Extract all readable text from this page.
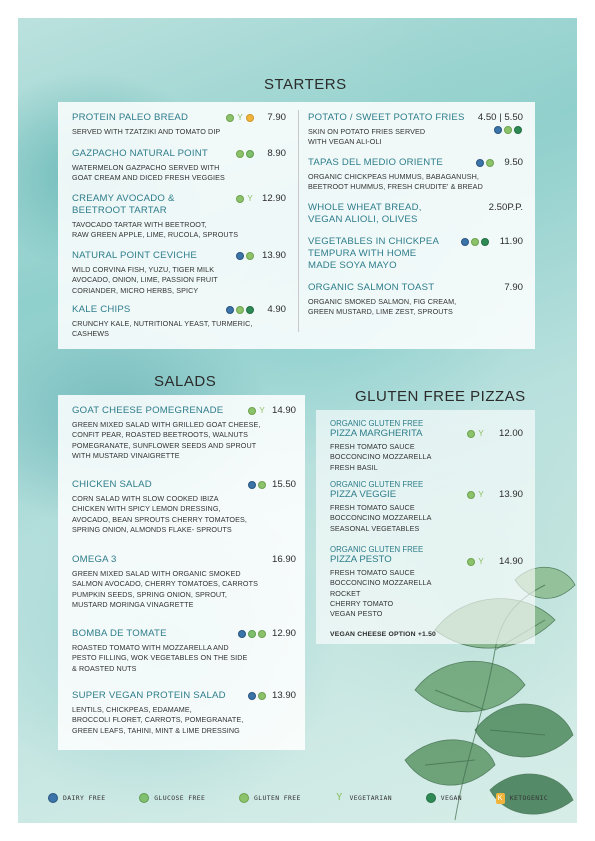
STARTERS
PROTEIN PALEO BREAD
SERVED WITH TZATZIKI AND TOMATO DIP
Y	7.90
GAZPACHO NATURAL POINT
WATERMELON GAZPACHO SERVED WITH
GOAT CREAM AND DICED FRESH VEGGIES
8.90
CREAMY AVOCADO &
BEETROOT TARTAR
TAVOCADO TARTAR WITH BEETROOT,
RAW GREEN APPLE, LIME, RUCOLA, SPROUTS
Y 12.90
NATURAL POINT CEVICHE
WILD CORVINA FISH, YUZU, TIGER MILK
AVOCADO, ONION, LIME, PASSION FRUIT
CORIANDER, MICRO HERBS, SPICY
13.90
KALE CHIPS
CRUNCHY KALE, NUTRITIONAL YEAST, TURMERIC,
CASHEWS
4.90
POTATO / SWEET POTATO FRIES
SKIN ON POTATO FRIES SERVED
WITH VEGAN ALI-OLI
4.50 | 5.50
TAPAS DEL MEDIO ORIENTE
ORGANIC CHICKPEAS HUMMUS, BABAGANUSH,
BEETROOT HUMMUS, FRESH CRUDITE' & BREAD
9.50
WHOLE WHEAT BREAD,
VEGAN ALIOLI, OLIVES
2.50P.P.
VEGETABLES IN CHICKPEA
TEMPURA WITH HOME
MADE SOYA MAYO
11.90
ORGANIC SALMON TOAST
ORGANIC SMOKED SALMON, FIG CREAM,
GREEN MUSTARD, LIME ZEST, SPROUTS
7.90
SALADS
GOAT CHEESE POMEGRENADE
GREEN MIXED SALAD WITH GRILLED GOAT CHEESE,
CONFIT PEAR, ROASTED BEETROOTS, WALNUTS
POMEGRANATE, SUNFLOWER SEEDS AND SPROUT
WITH MUSTARD VINAIGRETTE
Y 14.90
CHICKEN SALAD
CORN SALAD WITH SLOW COOKED IBIZA
CHICKEN WITH SPICY LEMON DRESSING,
AVOCADO, BEAN SPROUTS CHERRY TOMATOES,
SPRING ONION, ALMONDS FLAKE- SPROUTS
15.50
OMEGA 3
GREEN MIXED SALAD WITH ORGANIC SMOKED
SALMON AVOCADO, CHERRY TOMATOES, CARROTS
PUMPKIN SEEDS, SPRING ONION, SPROUT,
MUSTARD MORINGA VINAGRETTE
16.90
BOMBA DE TOMATE
ROASTED TOMATO WITH MOZZARELLA AND
PESTO FILLING, WOK VEGETABLES ON THE SIDE
& ROASTED NUTS
12.90
SUPER VEGAN PROTEIN SALAD
LENTILS, CHICKPEAS, EDAMAME,
BROCCOLI FLORET, CARROTS, POMEGRANATE,
GREEN LEAFS, TAHINI, MINT & LIME DRESSING
13.90
GLUTEN FREE PIZZAS
ORGANIC GLUTEN FREE
PIZZA MARGHERITA
FRESH TOMATO SAUCE
BOCCONCINO MOZZARELLA
FRESH BASIL
Y	12.00
ORGANIC GLUTEN FREE
PIZZA VEGGIE
FRESH TOMATO SAUCE
BOCCONCINO MOZZARELLA
SEASONAL VEGETABLES
Y	13.90
ORGANIC GLUTEN FREE
PIZZA PESTO
FRESH TOMATO SAUCE
BOCCONCINO MOZZARELLA
ROCKET
CHERRY TOMATO
VEGAN PESTO
Y	14.90
VEGAN CHEESE OPTION +1.50
DAIRY FREE	GLUCOSE FREE	GLUTEN FREE	Y VEGETARIAN	VEGAN	K	KETOGENIC
